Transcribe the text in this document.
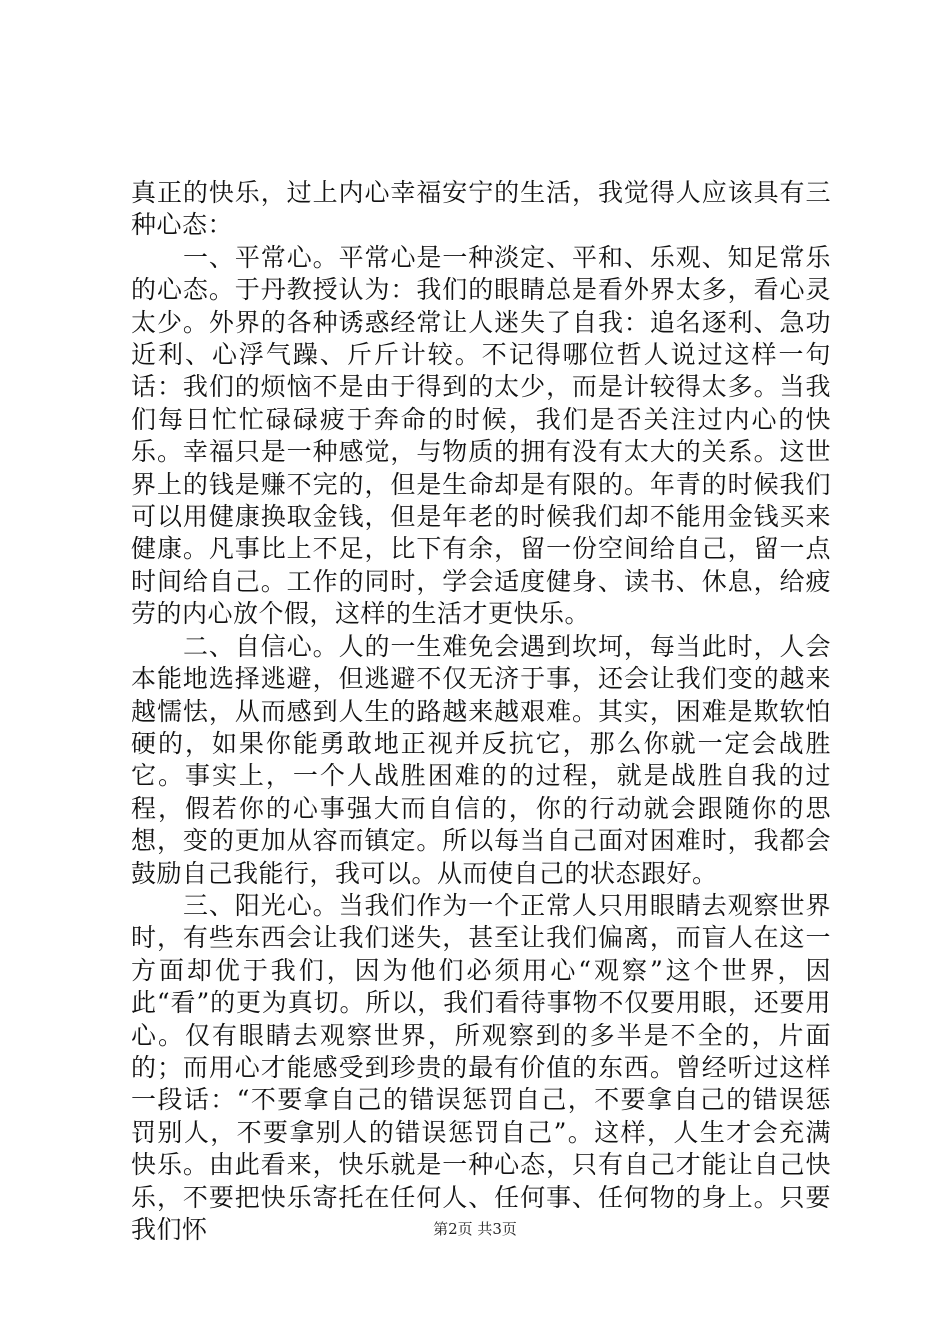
真正的快乐，过上内心幸福安宁的生活，我觉得人应该具有三种心态：

一、平常心。平常心是一种淡定、平和、乐观、知足常乐的心态。于丹教授认为：我们的眼睛总是看外界太多，看心灵太少。外界的各种诱惑经常让人迷失了自我：追名逐利、急功近利、心浮气躁、斤斤计较。不记得哪位哲人说过这样一句话：我们的烦恼不是由于得到的太少，而是计较得太多。当我们每日忙忙碌碌疲于奔命的时候，我们是否关注过内心的快乐。幸福只是一种感觉，与物质的拥有没有太大的关系。这世界上的钱是赚不完的，但是生命却是有限的。年青的时候我们可以用健康换取金钱，但是年老的时候我们却不能用金钱买来健康。凡事比上不足，比下有余，留一份空间给自己，留一点时间给自己。工作的同时，学会适度健身、读书、休息，给疲劳的内心放个假，这样的生活才更快乐。

二、自信心。人的一生难免会遇到坎坷，每当此时，人会本能地选择逃避，但逃避不仅无济于事，还会让我们变的越来越懦怯，从而感到人生的路越来越艰难。其实，困难是欺软怕硬的，如果你能勇敢地正视并反抗它，那么你就一定会战胜它。事实上，一个人战胜困难的的过程，就是战胜自我的过程，假若你的心事强大而自信的，你的行动就会跟随你的思想，变的更加从容而镇定。所以每当自己面对困难时，我都会鼓励自己我能行，我可以。从而使自己的状态跟好。

三、阳光心。当我们作为一个正常人只用眼睛去观察世界时，有些东西会让我们迷失，甚至让我们偏离，而盲人在这一方面却优于我们，因为他们必须用心“观察”这个世界，因此“看”的更为真切。所以，我们看待事物不仅要用眼，还要用心。仅有眼睛去观察世界，所观察到的多半是不全的，片面的；而用心才能感受到珍贵的最有价值的东西。曾经听过这样一段话：“不要拿自己的错误惩罚自己，不要拿自己的错误惩罚别人，不要拿别人的错误惩罚自己”。这样，人生才会充满快乐。由此看来，快乐就是一种心态，只有自己才能让自己快乐，不要把快乐寄托在任何人、任何事、任何物的身上。只要我们怀	第2页 共3页
